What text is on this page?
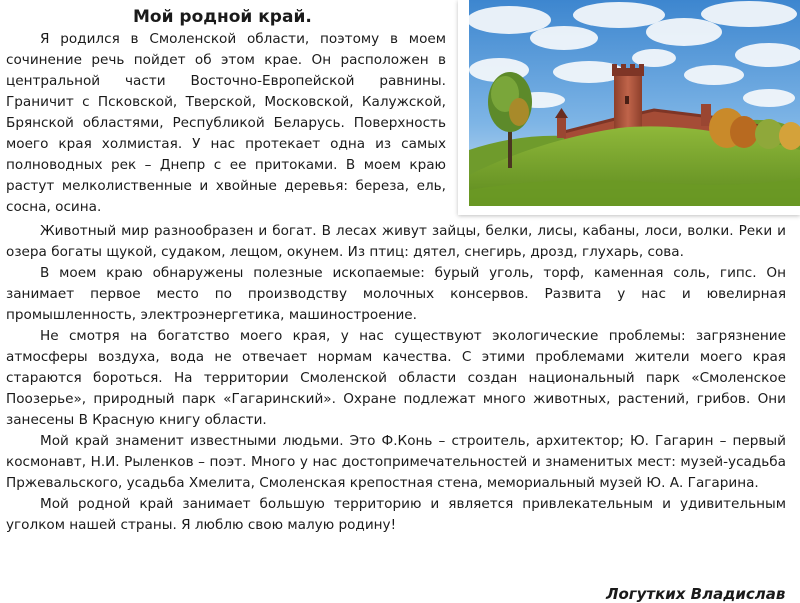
Мой родной край.

Я родился в Смоленской области, поэтому в моем сочинение речь пойдет об этом крае. Он расположен в центральной части Восточно-Европейской равнины. Граничит с Псковской, Тверской, Московской, Калужской, Брянской областями, Республикой Беларусь. Поверхность моего края холмистая. У нас протекает одна из самых полноводных рек – Днепр с ее притоками. В моем краю растут мелколиственные и хвойные деревья: береза, ель, сосна, осина.

Животный мир разнообразен и богат. В лесах живут зайцы, белки, лисы, кабаны, лоси, волки. Реки и озера богаты щукой, судаком, лещом, окунем. Из птиц: дятел, снегирь, дрозд, глухарь, сова.

В моем краю обнаружены полезные ископаемые: бурый уголь, торф, каменная соль, гипс. Он занимает первое место по производству молочных консервов. Развита у нас и ювелирная промышленность, электроэнергетика, машиностроение.

Не смотря на богатство моего края, у нас существуют экологические проблемы: загрязнение атмосферы воздуха, вода не отвечает нормам качества. С этими проблемами жители моего края стараются бороться. На территории Смоленской области создан национальный парк «Смоленское Поозерье», природный парк «Гагаринский». Охране подлежат много животных, растений, грибов. Они занесены В Красную книгу области.

Мой край знаменит известными людьми. Это Ф.Конь – строитель, архитектор; Ю. Гагарин – первый космонавт, Н.И. Рыленков – поэт. Много у нас достопримечательностей и знаменитых мест: музей-усадьба Пржевальского, усадьба Хмелита, Смоленская крепостная стена, мемориальный музей Ю. А. Гагарина.

Мой родной край занимает большую территорию и является привлекательным и удивительным уголком нашей страны. Я люблю свою малую родину!

Логутких Владислав
